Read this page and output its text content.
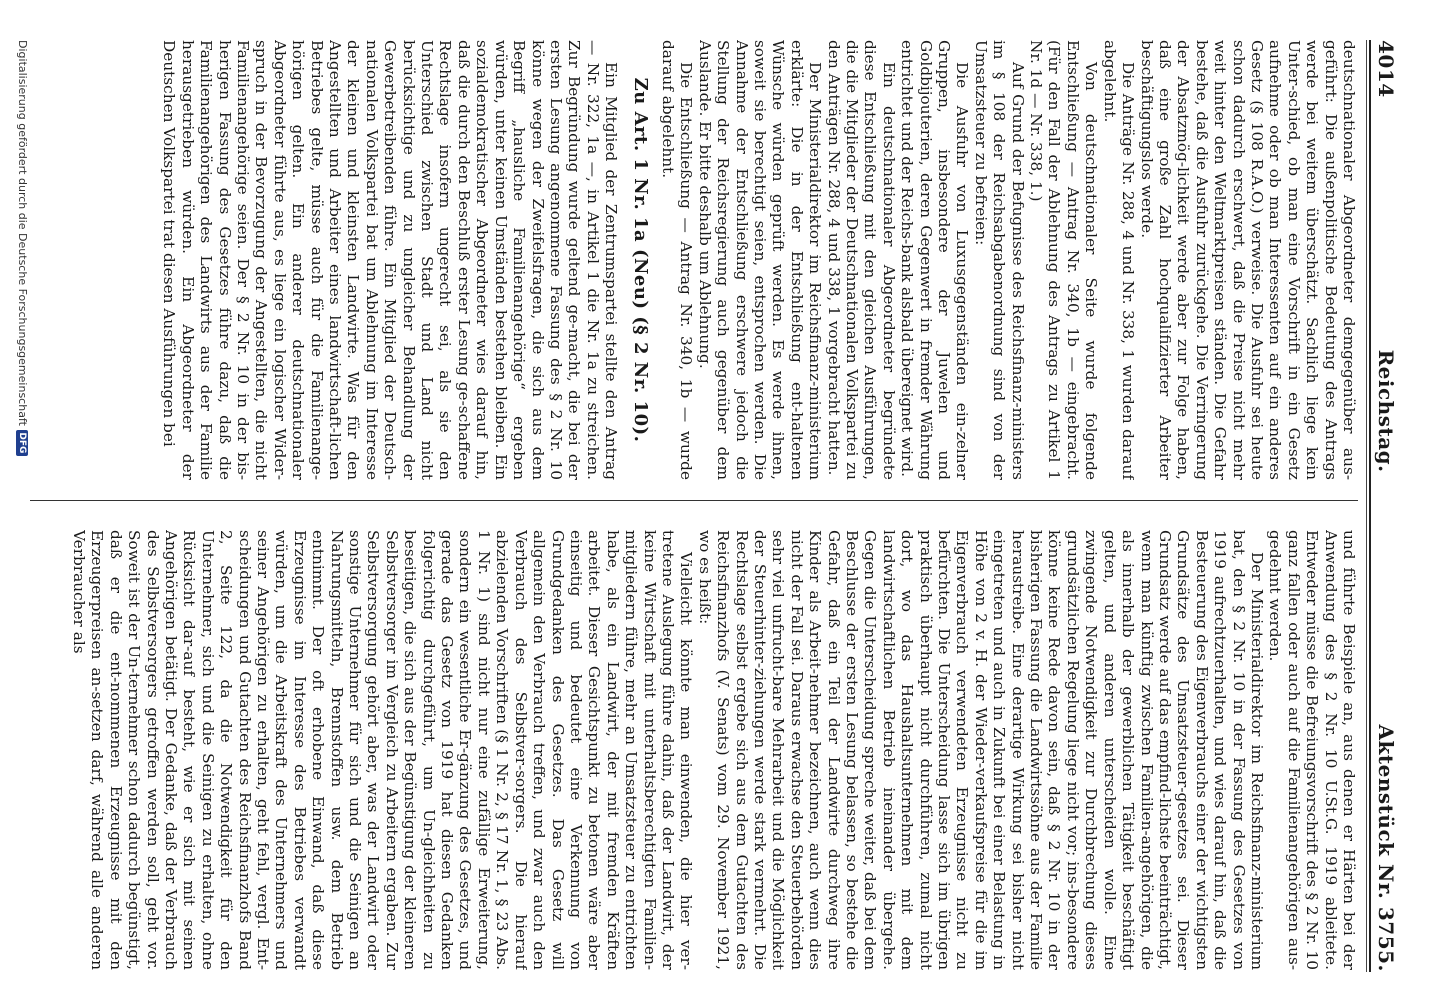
4014
Reichstag.
Aktenstück Nr. 3755.

deutschnationaler Abgeordneter demgegenüber aus-geführt: Die außenpolitische Bedeutung des Antrags werde bei weitem überschätzt. Sachlich liege kein Unter-schied, ob man eine Vorschrift in ein Gesetz aufnehme oder ob man Interessenten auf ein anderes Gesetz (§ 108 R.A.O.) verweise. Die Ausfuhr sei heute schon dadurch erschwert, daß die Preise nicht mehr weit hinter den Weltmarktpreisen ständen. Die Gefahr bestehe, daß die Ausfuhr zurückgehe. Die Verringerung der Absatzmög-lichkeit werde aber zur Folge haben, daß eine große Zahl hochqualifizierter Arbeiter beschäftigungslos werde.

Die Anträge Nr. 288, 4 und Nr. 338, 1 wurden darauf abgelehnt.

Von deutschnationaler Seite wurde folgende Entschließung — Antrag Nr. 340, 1b — eingebracht. (Für den Fall der Ablehnung des Antrags zu Artikel 1 Nr. 1d — Nr. 338, 1.)

Auf Grund der Befugnisse des Reichsfinanz-ministers im § 108 der Reichsabgabenordnung sind von der Umsatzsteuer zu befreien:

Die Ausfuhr von Luxusgegenständen ein-zelner Gruppen, insbesondere der Juwelen und Goldbijouterien, deren Gegenwert in fremder Währung entrichtet und der Reichs-bank alsbald übereignet wird.

Ein deutschnationaler Abgeordneter begründete diese Entschließung mit den gleichen Ausführungen, die die Mitglieder der Deutschnationalen Volkspartei zu den Anträgen Nr. 288, 4 und 338, 1 vorgebracht hatten.

Der Ministerialdirektor im Reichsfinanz-ministerium erklärte: Die in der Entschließung ent-haltenen Wünsche würden geprüft werden. Es werde ihnen, soweit sie berechtigt seien, entsprochen werden. Die Annahme der Entschließung erschwere jedoch die Stellung der Reichsregierung auch gegenüber dem Auslande. Er bitte deshalb um Ablehnung.

Die Entschließung — Antrag Nr. 340, 1b — wurde darauf abgelehnt.

Zu Art. 1 Nr. 1a (Neu) (§ 2 Nr. 10).

Ein Mitglied der Zentrumspartei stellte den Antrag — Nr. 322, 1a —, in Artikel 1 die Nr. 1a zu streichen. Zur Begründung wurde geltend ge-macht, die bei der ersten Lesung angenommene Fassung des § 2 Nr. 10 könne wegen der Zweifelsfragen, die sich aus dem Begriff „hausliche Familienangehörige“ ergeben würden, unter keinen Umständen bestehen bleiben. Ein sozialdemokratischer Abgeordneter wies darauf hin, daß die durch den Beschluß erster Lesung ge-schaffene Rechtslage insofern ungerecht sei, als sie den Unterschied zwischen Stadt und Land nicht berücksichtige und zu ungleicher Behandlung der Gewerbetreibenden führe. Ein Mitglied der Deutsch-nationalen Volkspartei bat um Ablehnung im Interesse der kleinen und kleinsten Landwirte. Was für den Angestellten und Arbeiter eines landwirtschaft-lichen Betriebes gelte, müsse auch für die Familienange-hörigen gelten. Ein anderer deutschnationaler Abgeordneter führte aus, es liege ein logischer Wider-spruch in der Bevorzugung der Angestellten, die nicht Familienangehörige seien. Der § 2 Nr. 10 in der bis-herigen Fassung des Gesetzes führe dazu, daß die Familienangehörigen des Landwirts aus der Familie herausgetrieben würden. Ein Abgeordneter der Deutschen Volkspartei trat diesen Ausführungen bei

und führte Beispiele an, aus denen er Härten bei der Anwendung des § 2 Nr. 10 U.St.G. 1919 ableitete. Entweder müsse die Befreiungsvorschrift des § 2 Nr. 10 ganz fallen oder auch auf die Familienangehörigen aus-gedehnt werden.

Der Ministerialdirektor im Reichsfinanz-ministerium bat, den § 2 Nr. 10 in der Fassung des Gesetzes von 1919 aufrechtzuerhalten, und wies darauf hin, daß die Besteuerung des Eigenverbrauchs einer der wichtigsten Grundsätze des Umsatzsteuer-gesetzes sei. Dieser Grundsatz werde auf das empfind-lichste beeinträchtigt, wenn man künftig zwischen Familien-angehörigen, die als innerhalb der gewerblichen Tätigkeit beschäftigt gelten, und anderen unterscheiden wolle. Eine zwingende Notwendigkeit zur Durchbrechung dieses grundsätzlichen Regelung liege nicht vor; ins-besondere könne keine Rede davon sein, daß § 2 Nr. 10 in der bisherigen Fassung die Landwirtssöhne aus der Familie heraustreibe. Eine derartige Wirkung sei bisher nicht eingetreten und auch in Zukunft bei einer Belastung in Höhe von 2 v. H. der Wieder-verkaufspreise für die im Eigenverbrauch verwendeten Erzeugnisse nicht zu befürchten. Die Unterscheidung lasse sich im übrigen praktisch überhaupt nicht durchführen, zumal nicht dort, wo das Haushaltsunternehmen mit dem landwirtschaftlichen Betrieb ineinander übergehe. Gegen die Unterscheidung spreche weiter, daß bei dem Beschlusse der ersten Lesung belassen, so bestehe die Gefahr, daß ein Teil der Landwirte durchweg ihre Kinder als Arbeit-nehmer bezeichnen, auch wenn dies nicht der Fall sei. Daraus erwachse den Steuerbehörden sehr viel unfrucht-bare Mehrarbeit und die Möglichkeit der Steuerhinter-ziehungen werde stark vermehrt. Die Rechtslage selbst ergebe sich aus dem Gutachten des Reichsfinanzhofs (V. Senats) vom 29. November 1921, wo es heißt:

Vielleicht könnte man einwenden, die hier ver-tretene Auslegung führe dahin, daß der Landwirt, der keine Wirtschaft mit unterhaltsberechtigten Familien-mitgliedern führe, mehr an Umsatzsteuer zu entrichten habe, als ein Landwirt, der mit fremden Kräften arbeitet. Dieser Gesichtspunkt zu betonen wäre aber einseitig und bedeutet eine Verkennung von Grundgedanken des Gesetzes. Das Gesetz will allgemein den Verbrauch treffen, und zwar auch den Verbrauch des Selbstver-sorgers. Die hierauf abzielenden Vorschriften (§ 1 Nr. 2, § 17 Nr. 1, § 23 Abs. 1 Nr. 1) sind nicht nur eine zufällige Erweiterung, sondern ein wesentliche Er-gänzung des Gesetzes, und gerade das Gesetz von 1919 hat diesen Gedanken folgerichtig durchgeführt, um Un-gleichheiten zu beseitigen, die sich aus der Begünstigung der kleineren Selbstversorger im Vergleich zu Arbeitern ergaben. Zur Selbstversorgung gehört aber, was der Landwirt oder sonstige Unternehmer für sich und die Seinigen an Nahrungsmitteln, Brennstoffen usw. dem Betrieb entnimmt. Der oft erhobene Einwand, daß diese Erzeugnisse im Interesse des Betriebes verwandt würden, um die Arbeitskraft des Unternehmers und seiner Angehörigen zu erhalten, geht fehl, vergl. Ent-scheidungen und Gutachten des Reichsfinanzhofs Band 2, Seite 122, da die Notwendigkeit für den Unternehmer, sich und die Seinigen zu erhalten, ohne Rücksicht dar-auf besteht, wie er sich mit seinen Angehörigen betätigt. Der Gedanke, daß der Verbrauch des Selbstversorgers getroffen werden soll, geht vor. Soweit ist der Un-ternehmer schon dadurch begünstigt, daß er die ent-nommenen Erzeugnisse mit den Erzeugerpreisen an-setzen darf, während alle anderen Verbraucher als

Digitalisierung gefördert durch die Deutsche Forschungsgemeinschaft
DFG
